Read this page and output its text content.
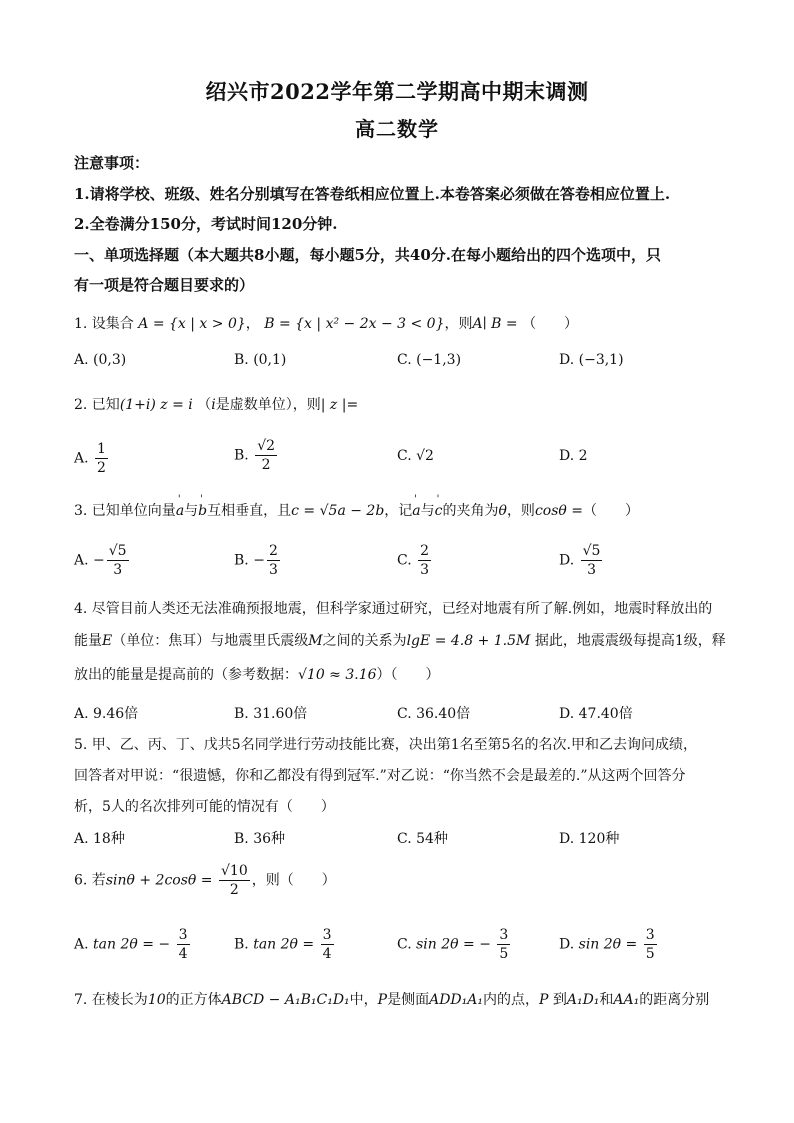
绍兴市2022学年第二学期高中期末调测
高二数学
注意事项：
1.请将学校、班级、姓名分别填写在答卷纸相应位置上.本卷答案必须做在答卷相应位置上.
2.全卷满分150分，考试时间120分钟.
一、单项选择题（本大题共8小题，每小题5分，共40分.在每小题给出的四个选项中，只
有一项是符合题目要求的）
1. 设集合 A = {x | x > 0}， B = {x | x² − 2x − 3 < 0}，则A∣ B = （　　）
A. (0,3)	B. (0,1)	C. (−1,3)	D. (−3,1)
2. 已知(1+i) z = i （i是虚数单位），则| z |=
A. $\frac{1}{2}$	B. $\frac{√2}{2}$	C. √2	D. 2
3. 已知单位向量' a与' b互相垂直，且c = √5a − 2b，记' a与' c的夹角为θ，则cosθ =（　　）
A. − $\frac{√5}{3}$	B. − $\frac{2}{3}$	C. $\frac{2}{3}$	D. $\frac{√5}{3}$
4. 尽管目前人类还无法准确预报地震，但科学家通过研究，已经对地震有所了解.例如，地震时释放出的
能量E（单位：焦耳）与地震里氏震级M之间的关系为lgE = 4.8 + 1.5M 据此，地震震级每提高1级，释
放出的能量是提高前的（参考数据：√10 ≈ 3.16）（　　）
A. 9.46倍	B. 31.60倍	C. 36.40倍	D. 47.40倍
5. 甲、乙、丙、丁、戊共5名同学进行劳动技能比赛，决出第1名至第5名的名次.甲和乙去询问成绩，
回答者对甲说：“很遗憾，你和乙都没有得到冠军.”对乙说：“你当然不会是最差的.”从这两个回答分
析，5人的名次排列可能的情况有（　　）
A. 18种	B. 36种	C. 54种	D. 120种
6. 若$\sin\theta + 2\cos\theta = \frac{√10}{2}$ ，则（　　）
A. tan 2θ = − $\frac{3}{4}$	B. $\tan 2\theta = \frac{3}{4}$	C. sin 2θ = − $\frac{3}{5}$	D. $\sin 2\theta = \frac{3}{5}$
7. 在棱长为10的正方体ABCD − A₁B₁C₁D₁中，P是侧面ADD₁A₁内的点，P 到A₁D₁和AA₁的距离分别
